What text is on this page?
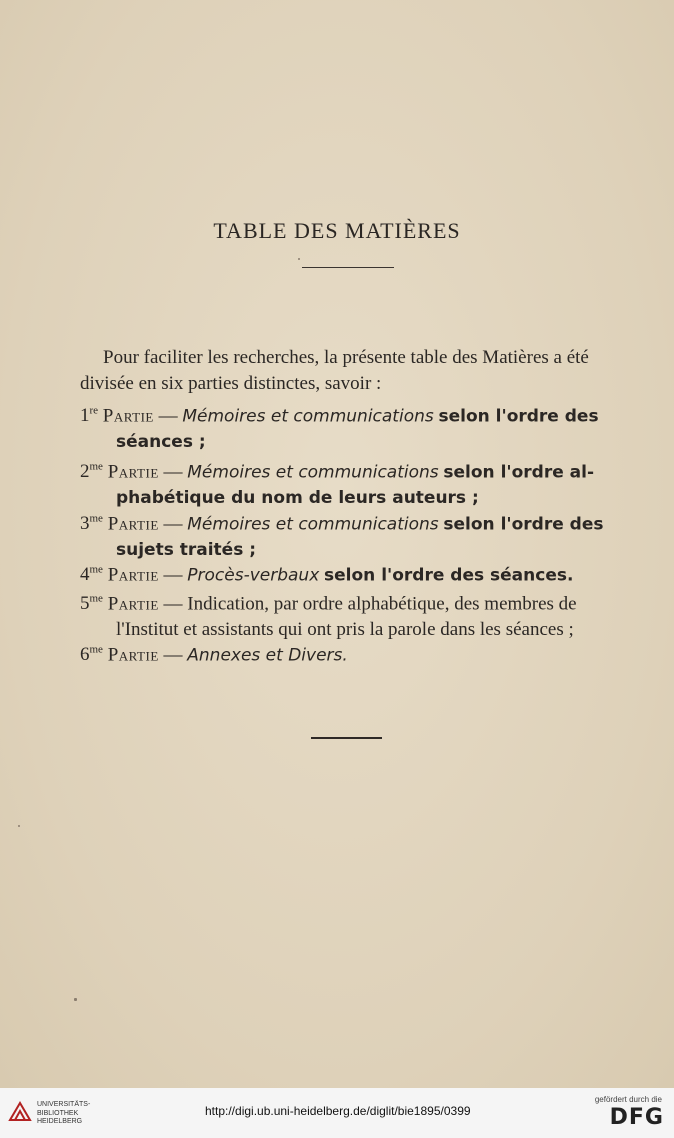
TABLE DES MATIÈRES
Pour faciliter les recherches, la présente table des Matières a été
divisée en six parties distinctes, savoir :
1re Partie — Mémoires et communications selon l'ordre des
séances ;
$2^{me}$ Partie — Mémoires et communications selon l'ordre al-
phabétique du nom de leurs auteurs ;
$3^{me}$ Partie — Mémoires et communications selon l'ordre des
sujets traités ;
$4^{me}$ Partie — Procès-verbaux selon l'ordre des séances.
$5^{me}$ Partie — Indication, par ordre alphabétique, des membres de
l'Institut et assistants qui ont pris la parole dans les séances ;
$6^{me}$ Partie — Annexes et Divers.
UNIVERSITÄTS-
BIBLIOTHEK
HEIDELBERG
http://digi.ub.uni-heidelberg.de/diglit/bie1895/0399
gefördert durch die
DFG
